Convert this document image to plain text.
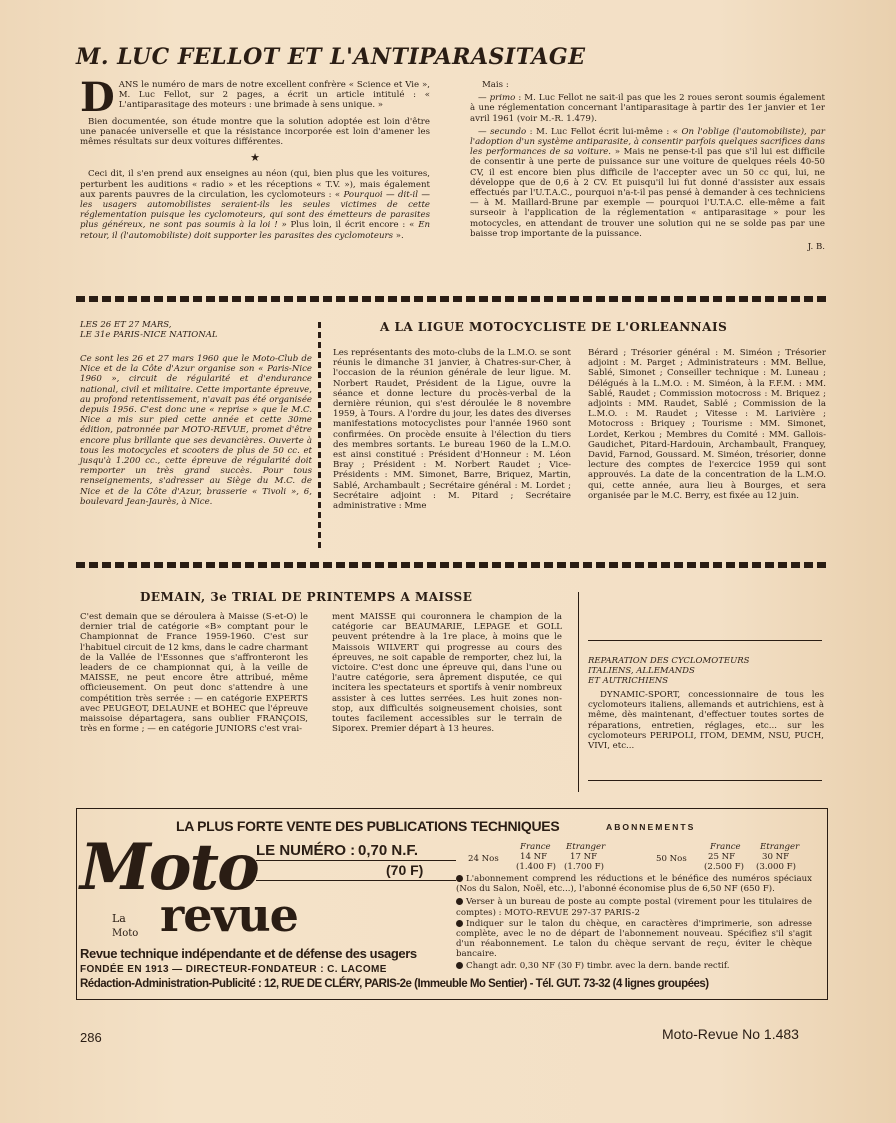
M. LUC FELLOT ET L'ANTIPARASITAGE
DANS le numéro de mars de notre excellent confrère « Science et Vie », M. Luc Fellot, sur 2 pages, a écrit un article intitulé : « L'antiparasitage des moteurs : une brimade à sens unique. »

Bien documentée, son étude montre que la solution adoptée est loin d'être une panacée universelle et que la résistance incorporée est loin d'amener les mêmes résultats sur deux voitures différentes.

★

Ceci dit, il s'en prend aux enseignes au néon (qui, bien plus que les voitures, perturbent les auditions « radio » et les réceptions « T.V. »), mais également aux parents pauvres de la circulation, les cyclomoteurs : « Pourquoi — dit-il — les usagers automobilistes seraient-ils les seules victimes de cette réglementation puisque les cyclomoteurs, qui sont des émetteurs de parasites plus généreux, ne sont pas soumis à la loi ! » Plus loin, il écrit encore : « En retour, il (l'automobiliste) doit supporter les parasites des cyclomoteurs ».

Mais :

— primo : M. Luc Fellot ne sait-il pas que les 2 roues seront soumis également à une réglementation concernant l'antiparasitage à partir des 1er janvier et 1er avril 1961 (voir M.-R. 1.479).

— secundo : M. Luc Fellot écrit lui-même : « On l'oblige (l'automobiliste), par l'adoption d'un système antiparasite, à consentir parfois quelques sacrifices dans les performances de sa voiture. » Mais ne pense-t-il pas que s'il lui est difficile de consentir à une perte de puissance sur une voiture de quelques réels 40-50 CV, il est encore bien plus difficile de l'accepter avec un 50 cc qui, lui, ne développe que de 0,6 à 2 CV. Et puisqu'il lui fut donné d'assister aux essais effectués par l'U.T.A.C., pourquoi n'a-t-il pas pensé à demander à ces techniciens — à M. Maillard-Brune par exemple — pourquoi l'U.T.A.C. elle-même a fait surseoir à l'application de la réglementation « antiparasitage » pour les motocycles, en attendant de trouver une solution qui ne se solde pas par une baisse trop importante de la puissance.

J. B.
LES 26 ET 27 MARS,
LE 31e PARIS-NICE NATIONAL
Ce sont les 26 et 27 mars 1960 que le Moto-Club de Nice et de la Côte d'Azur organise son « Paris-Nice 1960 », circuit de régularité et d'endurance national, civil et militaire. Cette importante épreuve, au profond retentissement, n'avait pas été organisée depuis 1956. C'est donc une « reprise » que le M.C. Nice a mis sur pied cette année et cette 30me édition, patronnée par MOTO-REVUE, promet d'être encore plus brillante que ses devancières. Ouverte à tous les motocycles et scooters de plus de 50 cc. et jusqu'à 1.200 cc., cette épreuve de régularité doit remporter un très grand succès. Pour tous renseignements, s'adresser au Siège du M.C. de Nice et de la Côte d'Azur, brasserie « Tivoli », 6, boulevard Jean-Jaurès, à Nice.
A LA LIGUE MOTOCYCLISTE DE L'ORLEANNAIS
Les représentants des moto-clubs de la L.M.O. se sont réunis le dimanche 31 janvier, à Chatres-sur-Cher, à l'occasion de la réunion générale de leur ligue. M. Norbert Raudet, Président de la Ligue, ouvre la séance et donne lecture du procès-verbal de la dernière réunion, qui s'est déroulée le 8 novembre 1959, à Tours. A l'ordre du jour, les dates des diverses manifestations motocyclistes pour l'année 1960 sont confirmées. On procède ensuite à l'élection du tiers des membres sortants. Le bureau 1960 de la L.M.O. est ainsi constitué : Président d'Honneur : M. Léon Bray ; Président : M. Norbert Raudet ; Vice-Présidents : MM. Simonet, Barre, Briquez, Martin, Sablé, Archambault ; Secrétaire général : M. Lordet ; Secrétaire adjoint : M. Pitard ; Secrétaire administrative : Mme
Bérard ; Trésorier général : M. Siméon ; Trésorier adjoint : M. Parget ; Administrateurs : MM. Bellue, Sablé, Simonet ; Conseiller technique : M. Luneau ; Délégués à la L.M.O. : M. Siméon, à la F.F.M. : MM. Sablé, Raudet ; Commission motocross : M. Briquez ; adjoints : MM. Raudet, Sablé ; Commission de la L.M.O. : M. Raudet ; Vitesse : M. Larivière ; Motocross : Briquey ; Tourisme : MM. Simonet, Lordet, Kerkou ; Membres du Comité : MM. Gallois-Gaudichet, Pitard-Hardouin, Archambault, Franquey, David, Farnod, Goussard. M. Siméon, trésorier, donne lecture des comptes de l'exercice 1959 qui sont approuvés. La date de la concentration de la L.M.O. qui, cette année, aura lieu à Bourges, et sera organisée par le M.C. Berry, est fixée au 12 juin.
DEMAIN, 3e TRIAL DE PRINTEMPS A MAISSE
C'est demain que se déroulera à Maisse (S-et-O) le dernier trial de catégorie «B» comptant pour le Championnat de France 1959-1960. C'est sur l'habituel circuit de 12 kms, dans le cadre charmant de la Vallée de l'Essonnes que s'affronteront les leaders de ce championnat qui, à la veille de MAISSE, ne peut encore être attribué, même officieusement. On peut donc s'attendre à une compétition très serrée : — en catégorie EXPERTS avec PEUGEOT, DELAUNE et BOHEC que l'épreuve maissoise départagera, sans oublier FRANÇOIS, très en forme ; — en catégorie JUNIORS c'est vrai-
ment MAISSE qui couronnera le champion de la catégorie car BEAUMARIE, LEPAGE et GOLL peuvent prétendre à la 1re place, à moins que le Maissois WILVERT qui progresse au cours des épreuves, ne soit capable de remporter, chez lui, la victoire. C'est donc une épreuve qui, dans l'une ou l'autre catégorie, sera âprement disputée, ce qui incitera les spectateurs et sportifs à venir nombreux assister à ces luttes serrées. Les huit zones non-stop, aux difficultés soigneusement choisies, sont toutes facilement accessibles sur le terrain de Siporex. Premier départ à 13 heures.
REPARATION DES CYCLOMOTEURS
ITALIENS, ALLEMANDS
ET AUTRICHIENS
DYNAMIC-SPORT, concessionnaire de tous les cyclomoteurs italiens, allemands et autrichiens, est à même, dès maintenant, d'effectuer toutes sortes de réparations, entretien, réglages, etc... sur les cyclomoteurs PERIPOLI, ITOM, DEMM, NSU, PUCH, VIVI, etc...
LA PLUS FORTE VENTE DES PUBLICATIONS TECHNIQUES
LE NUMÉRO : 0,70 N.F.
(70 F)
Moto
revue
La
Moto
Revue technique indépendante et de défense des usagers
FONDÉE EN 1913 — DIRECTEUR-FONDATEUR : C. LACOME
Rédaction-Administration-Publicité : 12, RUE DE CLÉRY, PARIS-2e (Immeuble Mo Sentier) - Tél. GUT. 73-32 (4 lignes groupées)
ABONNEMENTS
France Etranger	France Etranger
24 Nos 14 NF	17 NF
(1.400 F) (1.700 F)
50 Nos 25 NF	30 NF
(2.500 F) (3.000 F)
L'abonnement comprend les réductions et le bénéfice des numéros spéciaux (Nos du Salon, Noël, etc...), l'abonné économise plus de 6,50 NF (650 F).
Verser à un bureau de poste au compte postal (virement pour les titulaires de comptes) : MOTO-REVUE 297-37 PARIS-2
Indiquer sur le talon du chèque, en caractères d'imprimerie, son adresse complète, avec le no de départ de l'abonnement nouveau. Spécifiez s'il s'agit d'un réabonnement. Le talon du chèque servant de reçu, éviter le chèque bancaire.
Changt adr. 0,30 NF (30 F) timbr. avec la dern. bande rectif.
286	Moto-Revue No 1.483
